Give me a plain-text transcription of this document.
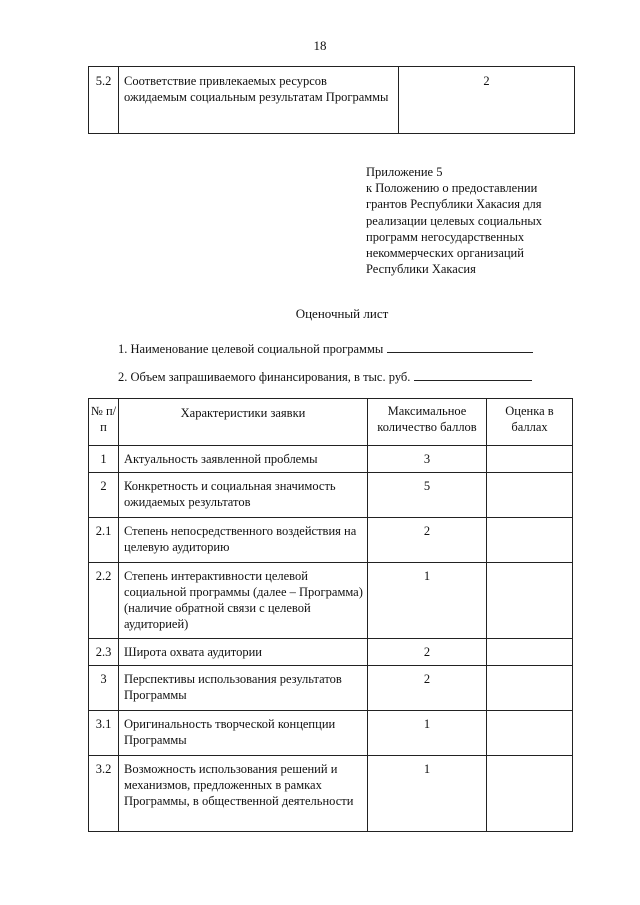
18
5.2	Соответствие привлекаемых ресурсов ожидаемым социальным результатам Программы	2
Приложение 5
к Положению о предоставлении
грантов Республики Хакасия для
реализации целевых социальных
программ негосударственных
некоммерческих организаций
Республики Хакасия
Оценочный лист
1. Наименование целевой социальной программы
2. Объем запрашиваемого финансирования, в тыс. руб.
№ п/п	Характеристики заявки	Максимальное количество баллов	Оценка в баллах
1	Актуальность заявленной проблемы	3	
2	Конкретность и социальная значимость ожидаемых результатов	5	
2.1	Степень непосредственного воздействия на целевую аудиторию	2	
2.2	Степень интерактивности целевой социальной программы (далее – Программа) (наличие обратной связи с целевой аудиторией)	1	
2.3	Широта охвата аудитории	2	
3	Перспективы использования результатов Программы	2	
3.1	Оригинальность творческой концепции Программы	1	
3.2	Возможность использования решений и механизмов, предложенных в рамках Программы, в общественной деятельности	1	
